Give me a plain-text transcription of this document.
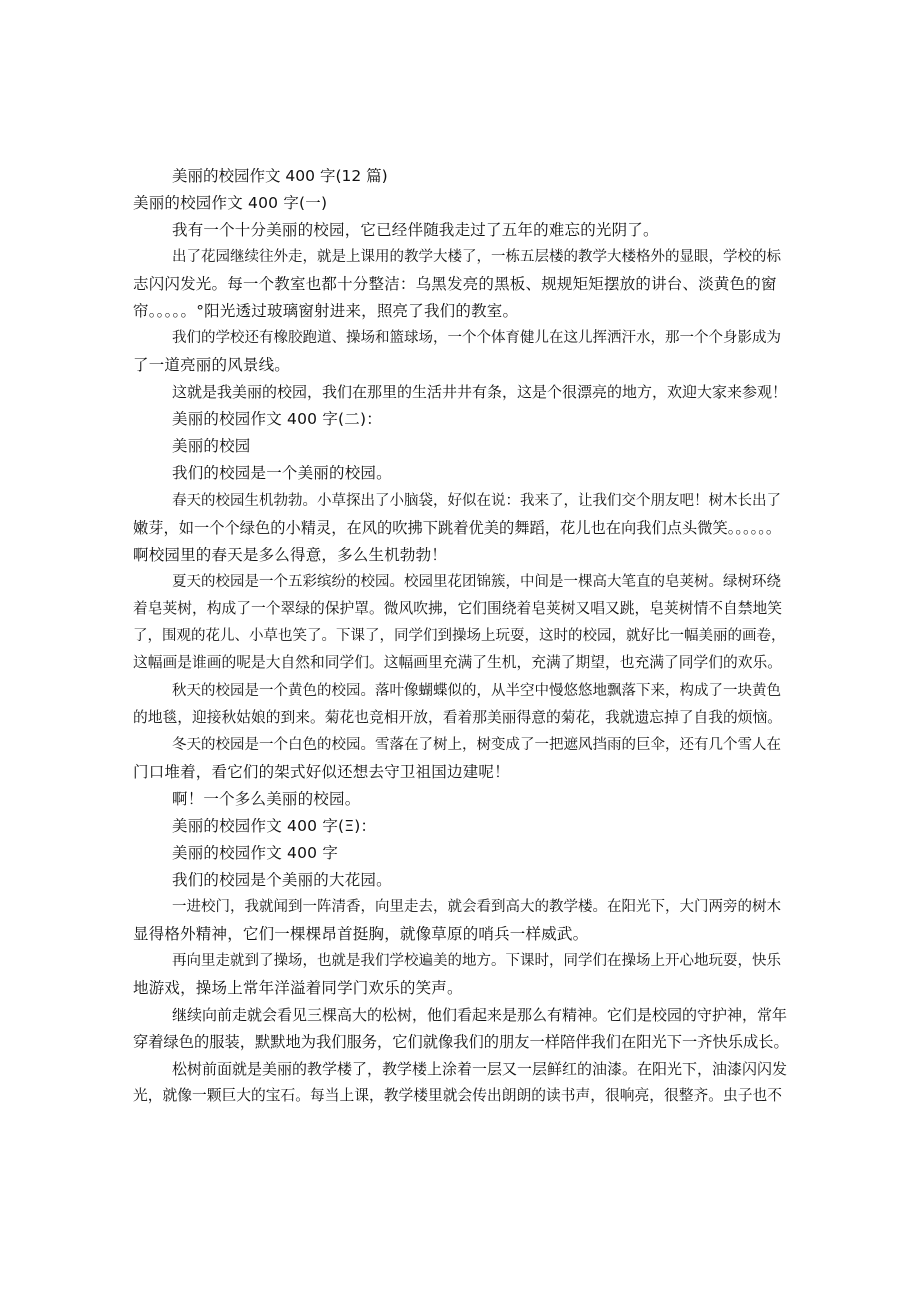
美丽的校园作文 400 字(12 篇)

美丽的校园作文 400 字(一)

我有一个十分美丽的校园，它已经伴随我走过了五年的难忘的光阴了。

出了花园继续往外走，就是上课用的教学大楼了，一栋五层楼的教学大楼格外的显眼，学校的标

志闪闪发光。每一个教室也都十分整洁：乌黑发亮的黑板、规规矩矩摆放的讲台、淡黄色的窗

帘。。。。。°阳光透过玻璃窗射进来，照亮了我们的教室。

我们的学校还有橡胶跑道、操场和篮球场，一个个体育健儿在这儿挥洒汗水，那一个个身影成为

了一道亮丽的风景线。

这就是我美丽的校园，我们在那里的生活井井有条，这是个很漂亮的地方，欢迎大家来参观！

美丽的校园作文 400 字(二)：

美丽的校园

我们的校园是一个美丽的校园。

春天的校园生机勃勃。小草探出了小脑袋，好似在说：我来了，让我们交个朋友吧！树木长出了

嫩芽，如一个个绿色的小精灵，在风的吹拂下跳着优美的舞蹈，花儿也在向我们点头微笑。。。。。。

啊校园里的春天是多么得意，多么生机勃勃！

夏天的校园是一个五彩缤纷的校园。校园里花团锦簇，中间是一棵高大笔直的皂荚树。绿树环绕

着皂荚树，构成了一个翠绿的保护罩。微风吹拂，它们围绕着皂荚树又唱又跳，皂荚树情不自禁地笑

了，围观的花儿、小草也笑了。下课了，同学们到操场上玩耍，这时的校园，就好比一幅美丽的画卷，

这幅画是谁画的呢是大自然和同学们。这幅画里充满了生机，充满了期望，也充满了同学们的欢乐。

秋天的校园是一个黄色的校园。落叶像蝴蝶似的，从半空中慢悠悠地飘落下来，构成了一块黄色

的地毯，迎接秋姑娘的到来。菊花也竞相开放，看着那美丽得意的菊花，我就遗忘掉了自我的烦恼。

冬天的校园是一个白色的校园。雪落在了树上，树变成了一把遮风挡雨的巨伞，还有几个雪人在

门口堆着，看它们的架式好似还想去守卫祖国边建呢！

啊！一个多么美丽的校园。

美丽的校园作文 400 字(Ξ)：

美丽的校园作文 400 字

我们的校园是个美丽的大花园。

一进校门，我就闻到一阵清香，向里走去，就会看到高大的教学楼。在阳光下，大门两旁的树木

显得格外精神，它们一棵棵昂首挺胸，就像草原的哨兵一样威武。

再向里走就到了操场，也就是我们学校遍美的地方。下课时，同学们在操场上开心地玩耍，快乐

地游戏，操场上常年洋溢着同学门欢乐的笑声。

继续向前走就会看见三棵高大的松树，他们看起来是那么有精神。它们是校园的守护神，常年

穿着绿色的服装，默默地为我们服务，它们就像我们的朋友一样陪伴我们在阳光下一齐快乐成长。

松树前面就是美丽的教学楼了，教学楼上涂着一层又一层鲜红的油漆。在阳光下，油漆闪闪发

光，就像一颗巨大的宝石。每当上课，教学楼里就会传出朗朗的读书声，很响亮，很整齐。虫子也不
